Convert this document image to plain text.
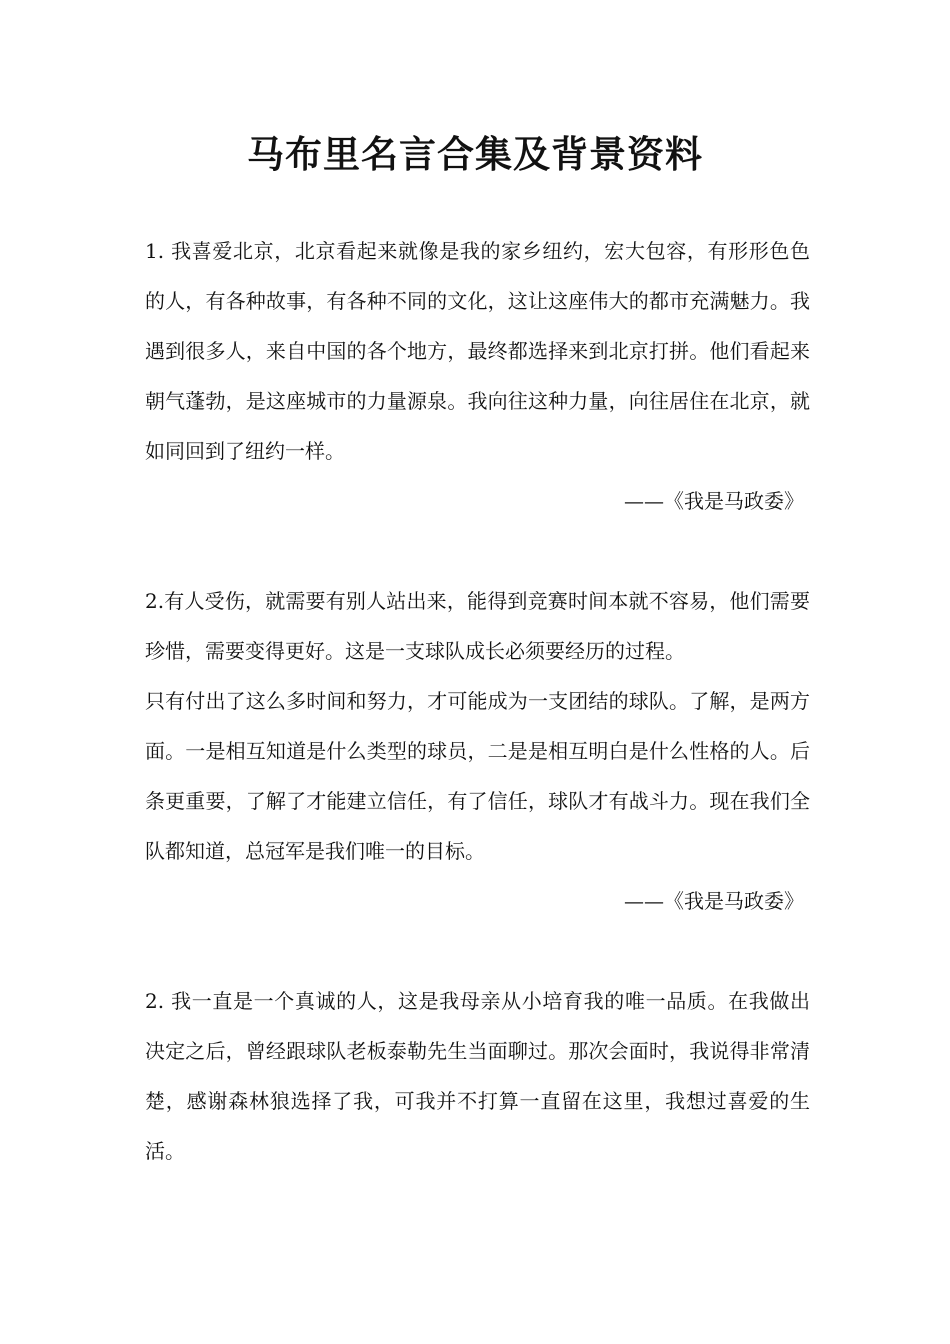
马布里名言合集及背景资料

1. 我喜爱北京，北京看起来就像是我的家乡纽约，宏大包容，有形形色色的人，有各种故事，有各种不同的文化，这让这座伟大的都市充满魅力。我遇到很多人，来自中国的各个地方，最终都选择来到北京打拼。他们看起来朝气蓬勃，是这座城市的力量源泉。我向往这种力量，向往居住在北京，就如同回到了纽约一样。

——《我是马政委》

2.有人受伤，就需要有别人站出来，能得到竞赛时间本就不容易，他们需要珍惜，需要变得更好。这是一支球队成长必须要经历的过程。

只有付出了这么多时间和努力，才可能成为一支团结的球队。了解，是两方面。一是相互知道是什么类型的球员，二是是相互明白是什么性格的人。后条更重要，了解了才能建立信任，有了信任，球队才有战斗力。现在我们全队都知道，总冠军是我们唯一的目标。

——《我是马政委》

2. 我一直是一个真诚的人，这是我母亲从小培育我的唯一品质。在我做出决定之后，曾经跟球队老板泰勒先生当面聊过。那次会面时，我说得非常清楚，感谢森林狼选择了我，可我并不打算一直留在这里，我想过喜爱的生活。
